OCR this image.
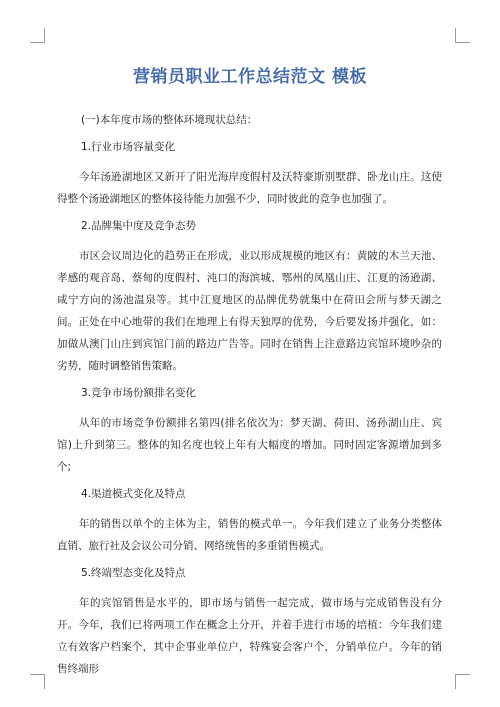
营销员职业工作总结范文 模板
(一)本年度市场的整体环境现状总结：
1.行业市场容量变化

今年汤逊湖地区又新开了阳光海岸度假村及沃特豪斯别墅群、卧龙山庄。这使得整个汤逊湖地区的整体接待能力加强不少，同时彼此的竞争也加强了。

2.品牌集中度及竞争态势

市区会议周边化的趋势正在形成，业以形成规模的地区有：黄陂的木兰天池、孝感的观音岛、蔡甸的度假村、沌口的海滨城、鄂州的凤凰山庄、江夏的汤逊湖、咸宁方向的汤池温泉等。其中江夏地区的品牌优势就集中在荷田会所与梦天湖之间。正处在中心地带的我们在地理上有得天独厚的优势，今后要发扬并强化，如：加做从澳门山庄到宾馆门前的路边广告等。同时在销售上注意路边宾馆环境吵杂的劣势，随时调整销售策略。

3.竞争市场份额排名变化

从年的市场竞争份额排名第四(排名依次为：梦天湖、荷田、汤孙湖山庄、宾馆)上升到第三。整体的知名度也较上年有大幅度的增加。同时固定客源增加到多个;

4.渠道模式变化及特点

年的销售以单个的主体为主，销售的模式单一。今年我们建立了业务分类整体直销、旅行社及会议公司分销、网络统售的多重销售模式。

5.终端型态变化及特点

年的宾馆销售是水平的，即市场与销售一起完成，做市场与完成销售没有分开。今年，我们已将两项工作在概念上分开，并着手进行市场的培植：今年我们建立有效客户档案个，其中企事业单位户，特殊宴会客户个，分销单位户。今年的销售终端形
